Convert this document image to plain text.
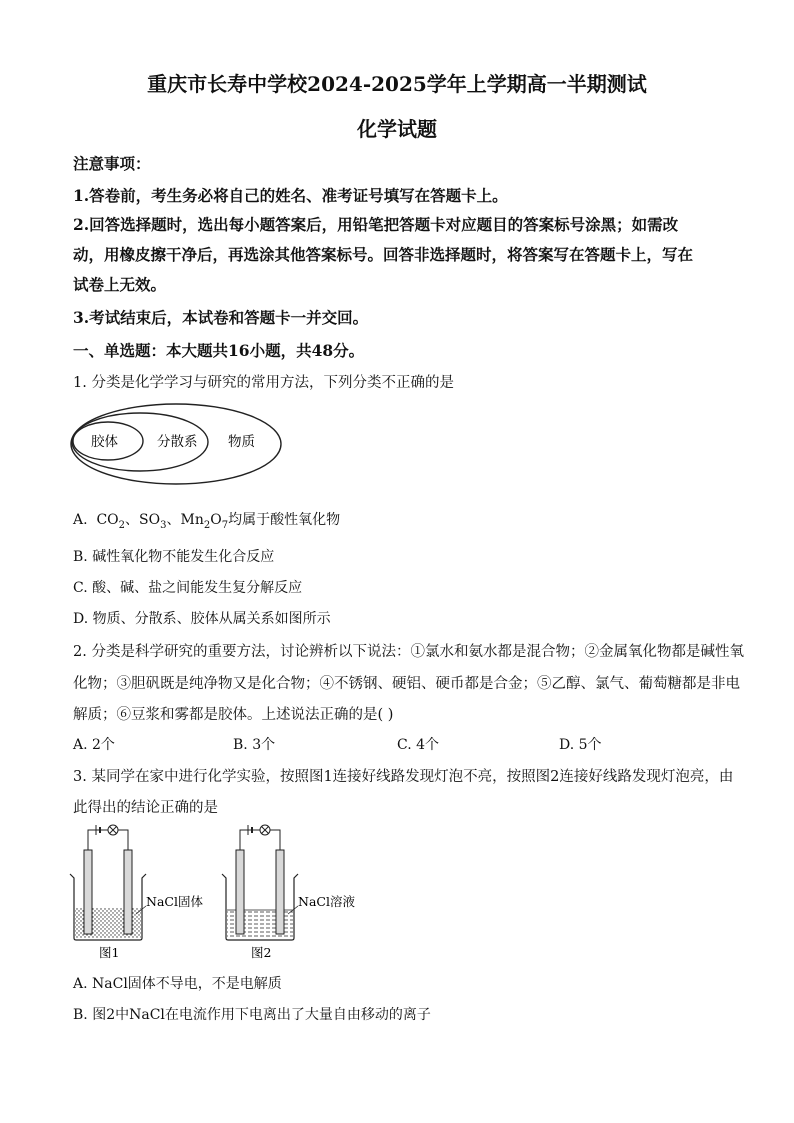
重庆市长寿中学校2024-2025学年上学期高一半期测试
化学试题
注意事项：
1.答卷前，考生务必将自己的姓名、准考证号填写在答题卡上。
2.回答选择题时，选出每小题答案后，用铅笔把答题卡对应题目的答案标号涂黑；如需改
动，用橡皮擦干净后，再选涂其他答案标号。回答非选择题时，将答案写在答题卡上，写在
试卷上无效。
3.考试结束后，本试卷和答题卡一并交回。
一、单选题：本大题共16小题，共48分。
1. 分类是化学学习与研究的常用方法，下列分类不正确的是
胶体	分散系 物质
A. $CO_2$、$SO_3$、$Mn_2O_7$均属于酸性氧化物
B. 碱性氧化物不能发生化合反应
C. 酸、碱、盐之间能发生复分解反应
D. 物质、分散系、胶体从属关系如图所示
2. 分类是科学研究的重要方法，讨论辨析以下说法：①氯水和氨水都是混合物；②金属氧化物都是碱性氧
化物；③胆矾既是纯净物又是化合物；④不锈钢、硬铝、硬币都是合金；⑤乙醇、氯气、葡萄糖都是非电
解质；⑥豆浆和雾都是胶体。上述说法正确的是( )
A. 2个	B. 3个	C. 4个	D. 5个
3. 某同学在家中进行化学实验，按照图1连接好线路发现灯泡不亮，按照图2连接好线路发现灯泡亮，由
此得出的结论正确的是
NaCl固体
图1
NaCl溶液
图2
A. NaCl固体不导电，不是电解质
B. 图2中NaCl在电流作用下电离出了大量自由移动的离子
